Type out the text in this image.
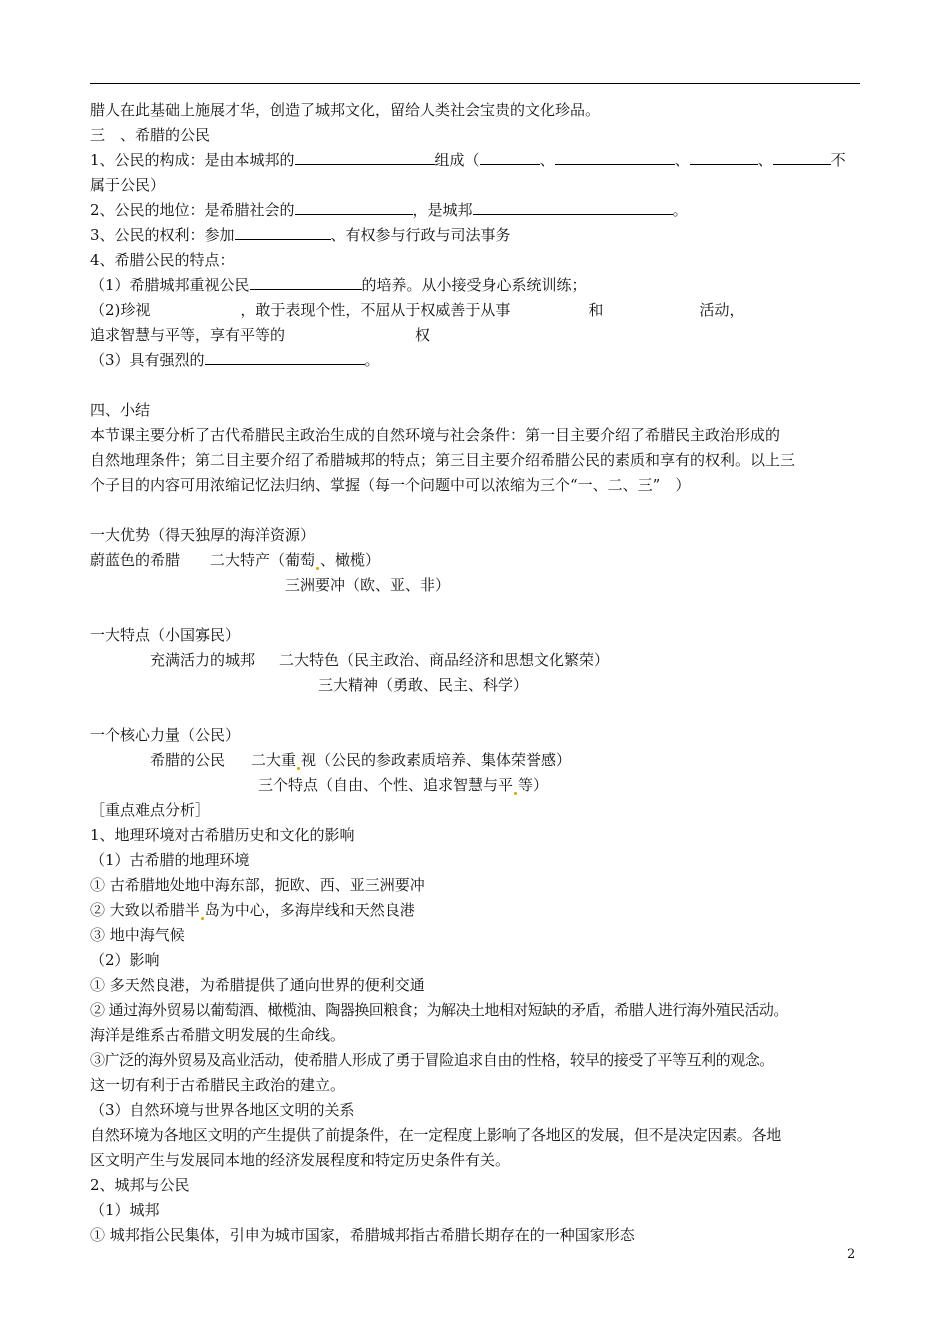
腊人在此基础上施展才华，创造了城邦文化，留给人类社会宝贵的文化珍品。
三　、希腊的公民
1、公民的构成：是由本城邦的	组成（	、	、	、	不
属于公民）
2、公民的地位：是希腊社会的	，是城邦	。
3、公民的权利：参加	、有权参与行政与司法事务
4、希腊公民的特点：
（1）希腊城邦重视公民	的培养。从小接受身心系统训练；
（2)珍视	，敢于表现个性，不屈从于权威善于从事	和	活动，
追求智慧与平等，享有平等的	权
（3）具有强烈的	。
四、小结
本节课主要分析了古代希腊民主政治生成的自然环境与社会条件：第一目主要介绍了希腊民主政治形成的
自然地理条件；第二目主要介绍了希腊城邦的特点；第三目主要介绍希腊公民的素质和享有的权利。以上三
个子目的内容可用浓缩记忆法归纳、掌握（每一个问题中可以浓缩为三个“一、二、三”　）
一大优势（得天独厚的海洋资源）
蔚蓝色的希腊 二大特产（葡萄 、橄榄）
三洲要冲（欧、亚、非）
一大特点（小国寡民）
充满活力的城邦 二大特色（民主政治、商品经济和思想文化繁荣）
三大精神（勇敢、民主、科学）
一个核心力量（公民）
希腊的公民 二大重 视（公民的参政素质培养、集体荣誉感）
三个特点（自由、个性、追求智慧与平 等）
［重点难点分析］
1、地理环境对古希腊历史和文化的影响
（1）古希腊的地理环境
① 古希腊地处地中海东部，扼欧、西、亚三洲要冲
② 大致以希腊半 岛为中心，多海岸线和天然良港
③ 地中海气候
（2）影响
① 多天然良港，为希腊提供了通向世界的便利交通
② 通过海外贸易以葡萄酒、橄榄油、陶器换回粮食；为解决土地相对短缺的矛盾，希腊人进行海外殖民活动。
海洋是维系古希腊文明发展的生命线。
③广泛的海外贸易及高业活动，使希腊人形成了勇于冒险追求自由的性格，较早的接受了平等互利的观念。
这一切有利于古希腊民主政治的建立。
（3）自然环境与世界各地区文明的关系
自然环境为各地区文明的产生提供了前提条件，在一定程度上影响了各地区的发展，但不是决定因素。各地
区文明产生与发展同本地的经济发展程度和特定历史条件有关。
2、城邦与公民
（1）城邦
① 城邦指公民集体，引申为城市国家，希腊城邦指古希腊长期存在的一种国家形态
2
